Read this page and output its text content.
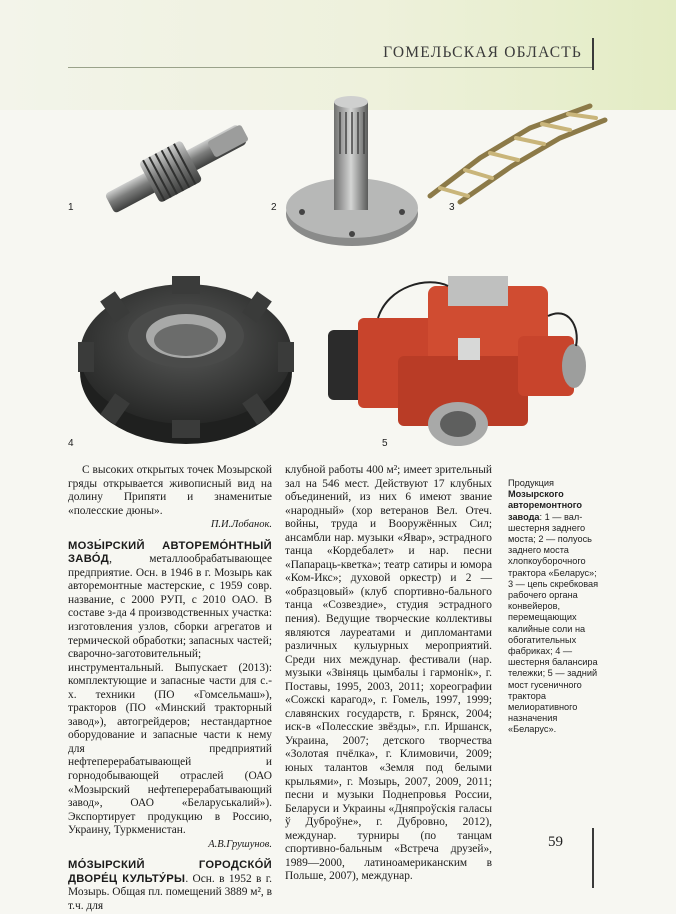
ГОМЕЛЬСКАЯ ОБЛАСТЬ
1	2	3
4	5

С высоких открытых точек Мозырской гряды открывается живописный вид на долину Припяти и знаменитые «полесские дюны».

П.И.Лобанок.

МОЗЫ́РСКИЙ АВТОРЕМО́НТНЫЙ ЗАВО́Д, металлообрабатывающее предприятие. Осн. в 1946 в г. Мозырь как авторемонтные мастерские, с 1959 совр. название, с 2000 РУП, с 2010 ОАО. В составе з-да 4 производственных участка: изготовления узлов, сборки агрегатов и термической обработки; запасных частей; сварочно-заготовительный; инструментальный. Выпускает (2013): комплектующие и запасные части для с.-х. техники (ПО «Гомсельмаш»), тракторов (ПО «Минский тракторный завод»), автогрейдеров; нестандартное оборудование и запасные части к нему для предприятий нефтеперерабатывающей и горнодобывающей отраслей (ОАО «Мозырский нефтеперерабатывающий завод», ОАО «Беларуськалий»). Экспортирует продукцию в Россию, Украину, Туркменистан.

А.В.Грушунов.

МО́ЗЫРСКИЙ ГОРОДСКО́Й ДВОРЕ́Ц КУЛЬТУ́РЫ. Осн. в 1952 в г. Мозырь. Общая пл. помещений 3889 м², в т.ч. для

клубной работы 400 м²; имеет зрительный зал на 546 мест. Действуют 17 клубных объединений, из них 6 имеют звание «народный» (хор ветеранов Вел. Отеч. войны, труда и Вооружённых Сил; ансамбли нар. музыки «Явар», эстрадного танца «Кордебалет» и нар. песни «Папараць-кветка»; театр сатиры и юмора «Ком-Икс»; духовой оркестр) и 2 — «образцовый» (клуб спортивно-бального танца «Созвездие», студия эстрадного пения). Ведущие творческие коллективы являются лауреатами и дипломантами различных кулыурных мероприятий. Среди них междунар. фестивали (нар. музыки «Звіняць цымбалы і гармонік», г. Поставы, 1995, 2003, 2011; хореографии «Сожскі карагод», г. Гомель, 1997, 1999; славянских государств, г. Брянск, 2004; иск-в «Полесские звёзды», г.п. Иршанск, Украина, 2007; детского творчества «Золотая пчёлка», г. Климовичи, 2009; юных талантов «Земля под белыми крыльями», г. Мозырь, 2007, 2009, 2011; песни и музыки Поднепровья России, Беларуси и Украины «Дняпроўскія галасы ў Дуброўне», г. Дубровно, 2012), междунар. турниры (по танцам спортивно-бальным «Встреча друзей», 1989—2000, латиноамериканским в Польше, 2007), междунар.

Продукция
Мозырского авторемонтного завода: 1 — вал-шестерня заднего моста; 2 — полуось заднего моста хлопкоуборочного трактора «Беларус»; 3 — цепь скребковая рабочего органа конвейеров, перемещающих калийные соли на обогатительных фабриках; 4 — шестерня балансира тележки; 5 — задний мост гусеничного трактора мелиоративного назначения «Беларус».
59
